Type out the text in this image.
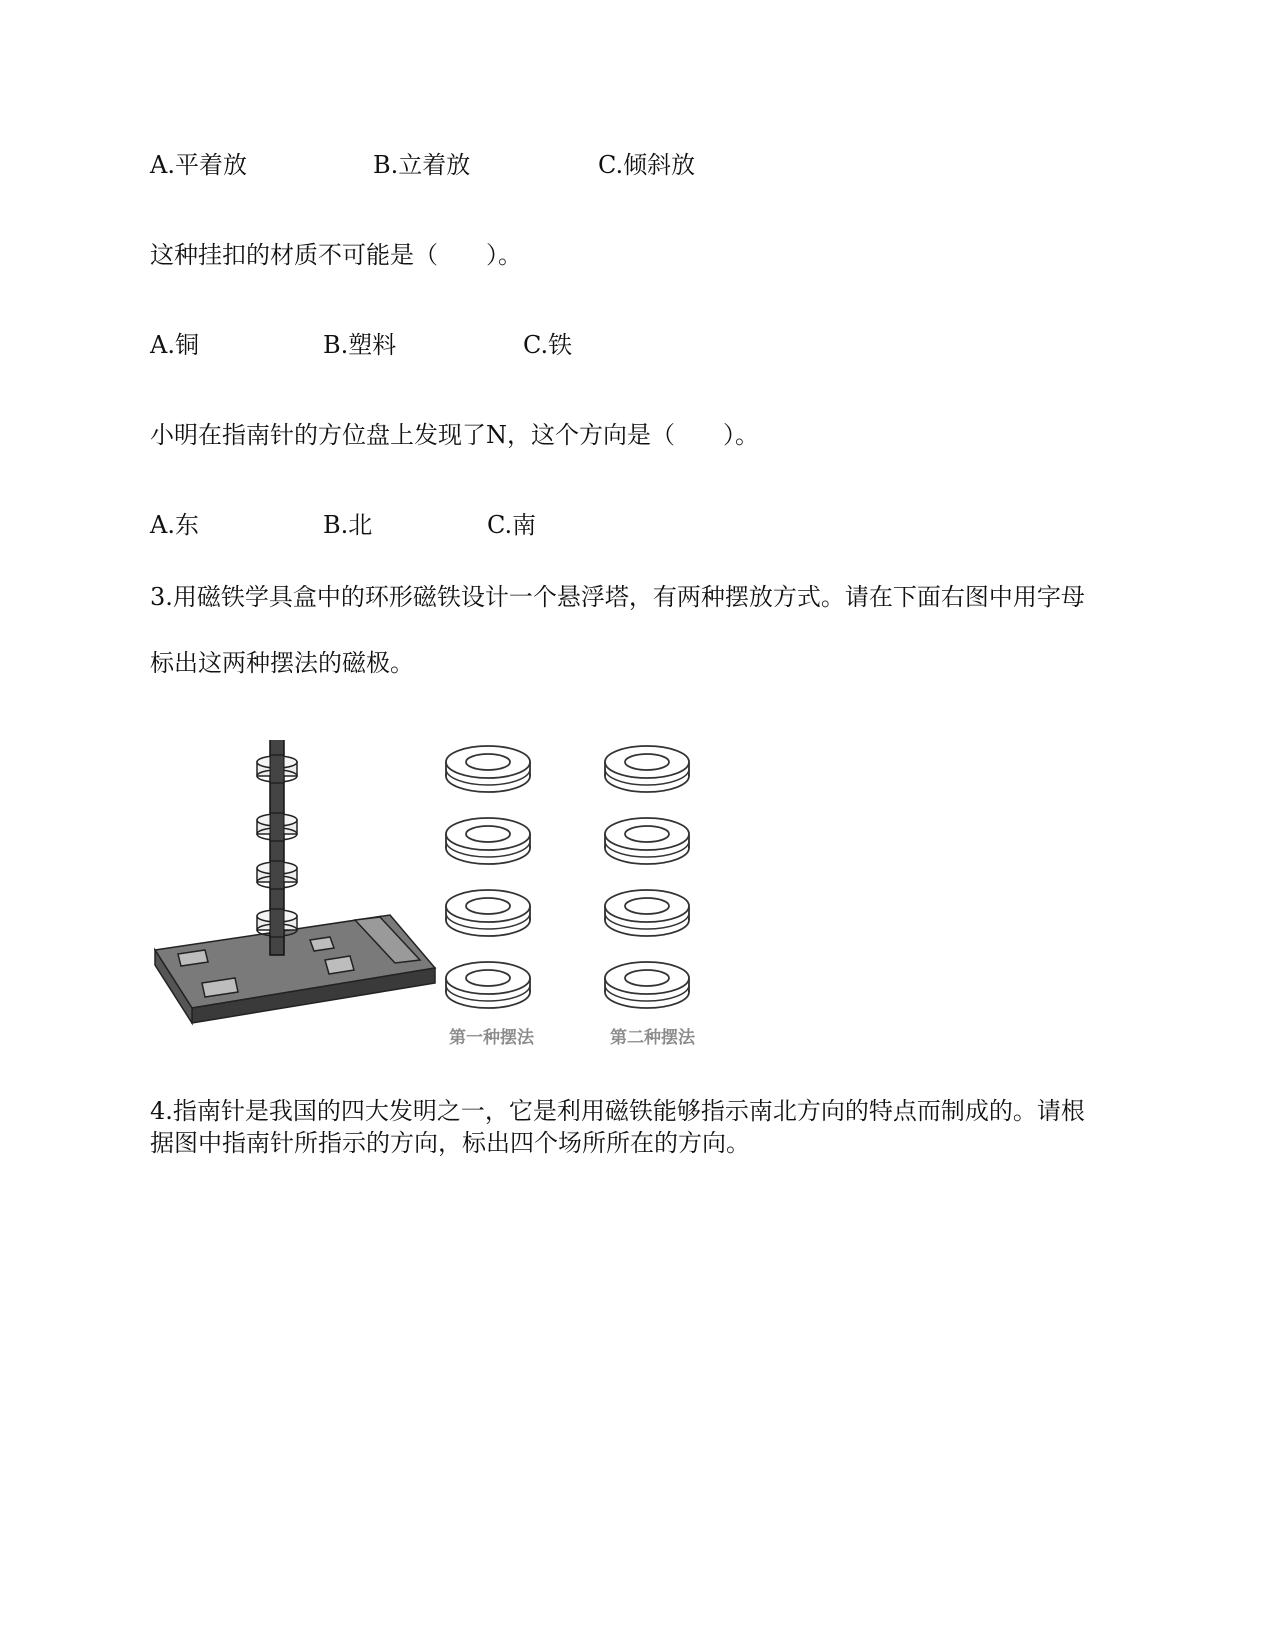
A.平着放	B.立着放	C.倾斜放
这种挂扣的材质不可能是（　　）。
A.铜	B.塑料	C.铁
小明在指南针的方位盘上发现了N，这个方向是（　　）。
A.东	B.北	C.南
3.用磁铁学具盒中的环形磁铁设计一个悬浮塔，有两种摆放方式。请在下面右图中用字母
标出这两种摆法的磁极。
第一种摆法	第二种摆法
4.指南针是我国的四大发明之一，它是利用磁铁能够指示南北方向的特点而制成的。请根
据图中指南针所指示的方向，标出四个场所所在的方向。
